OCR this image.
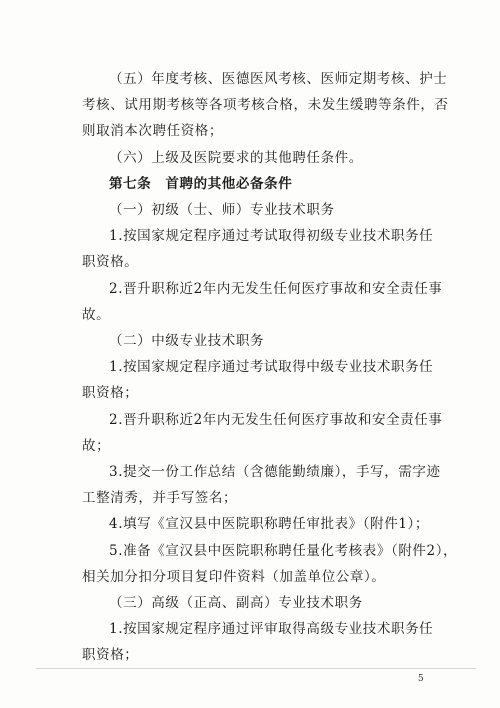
（五）年度考核、医德医风考核、医师定期考核、护士
考核、试用期考核等各项考核合格，未发生缓聘等条件，否
则取消本次聘任资格；
（六）上级及医院要求的其他聘任条件。
第七条　首聘的其他必备条件
（一）初级（士、师）专业技术职务
1.按国家规定程序通过考试取得初级专业技术职务任
职资格。
2.晋升职称近2年内无发生任何医疗事故和安全责任事
故。
（二）中级专业技术职务
1.按国家规定程序通过考试取得中级专业技术职务任
职资格；
2.晋升职称近2年内无发生任何医疗事故和安全责任事
故；
3.提交一份工作总结（含德能勤绩廉），手写，需字迹
工整清秀，并手写签名；
4.填写《宣汉县中医院职称聘任审批表》（附件1）；
5.准备《宣汉县中医院职称聘任量化考核表》（附件2），
相关加分扣分项目复印件资料（加盖单位公章）。
（三）高级（正高、副高）专业技术职务
1.按国家规定程序通过评审取得高级专业技术职务任
职资格；
5
